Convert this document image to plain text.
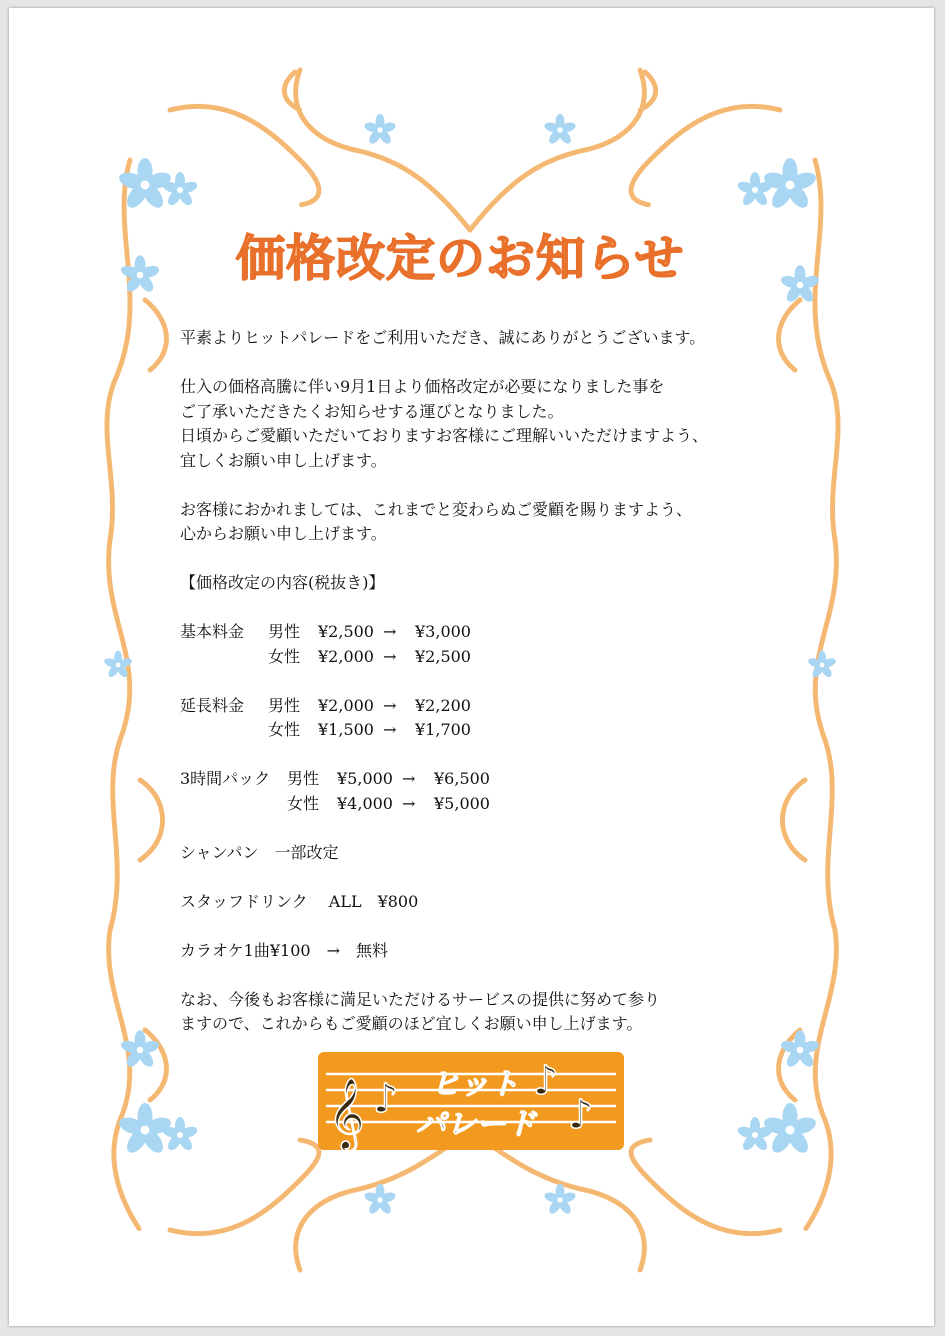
価格改定のお知らせ

平素よりヒットパレードをご利用いただき、誠にありがとうございます。

仕入の価格高騰に伴い9月1日より価格改定が必要になりました事を
ご了承いただきたくお知らせする運びとなりました。
日頃からご愛顧いただいておりますお客様にご理解いいただけますよう、
宜しくお願い申し上げます。

お客様におかれましては、これまでと変わらぬご愛顧を賜りますよう、
心からお願い申し上げます。

【価格改定の内容(税抜き)】

基本料金	男性	¥2,500 →	¥3,000
女性	¥2,000 →	¥2,500
延長料金	男性	¥2,000 →	¥2,200
女性	¥1,500 →	¥1,700
3時間パック	男性	¥5,000 →	¥6,500
女性	¥4,000 →	¥5,000

シャンパン　一部改定

スタッフドリンク　 ALL　¥800

カラオケ1曲¥100　→　無料

なお、今後もお客様に満足いただけるサービスの提供に努めて参り
ますので、これからもご愛顧のほど宜しくお願い申し上げます。

𝄞 ♪	♪
♪
ヒット
パレード
